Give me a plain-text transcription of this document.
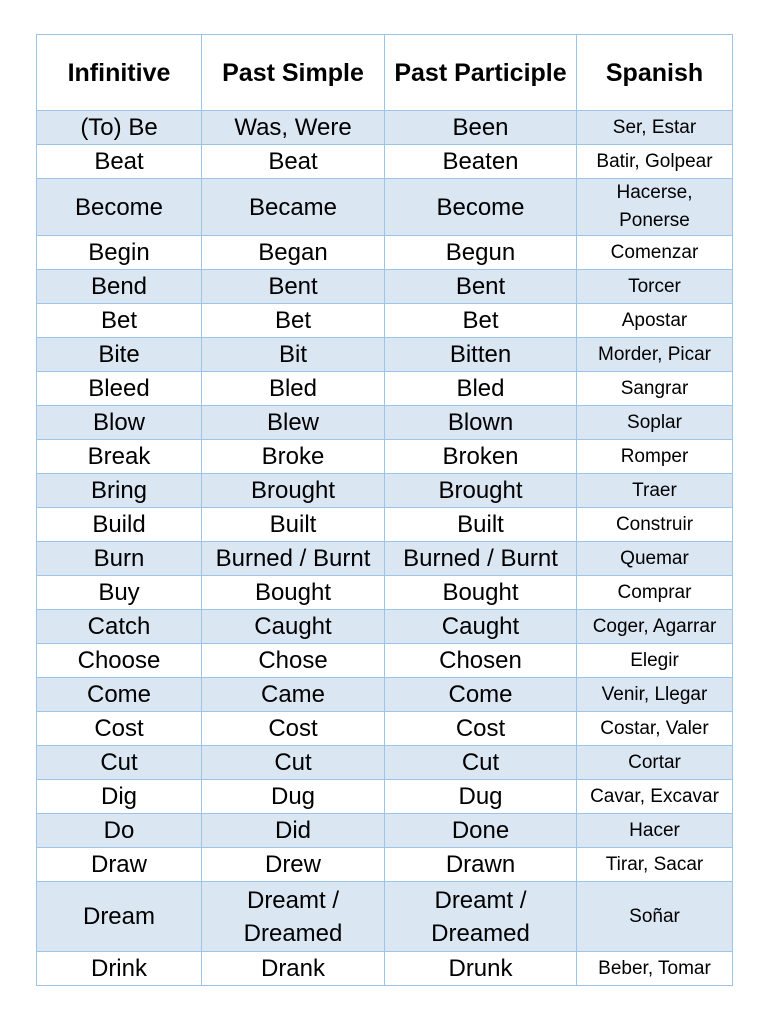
Infinitive	Past Simple	Past Participle	Spanish
(To) Be	Was, Were	Been	Ser, Estar
Beat	Beat	Beaten	Batir, Golpear
Become	Became	Become	Hacerse, Ponerse
Begin	Began	Begun	Comenzar
Bend	Bent	Bent	Torcer
Bet	Bet	Bet	Apostar
Bite	Bit	Bitten	Morder, Picar
Bleed	Bled	Bled	Sangrar
Blow	Blew	Blown	Soplar
Break	Broke	Broken	Romper
Bring	Brought	Brought	Traer
Build	Built	Built	Construir
Burn	Burned / Burnt	Burned / Burnt	Quemar
Buy	Bought	Bought	Comprar
Catch	Caught	Caught	Coger, Agarrar
Choose	Chose	Chosen	Elegir
Come	Came	Come	Venir, Llegar
Cost	Cost	Cost	Costar, Valer
Cut	Cut	Cut	Cortar
Dig	Dug	Dug	Cavar, Excavar
Do	Did	Done	Hacer
Draw	Drew	Drawn	Tirar, Sacar
Dream	Dreamt / Dreamed	Dreamt / Dreamed	Soñar
Drink	Drank	Drunk	Beber, Tomar
